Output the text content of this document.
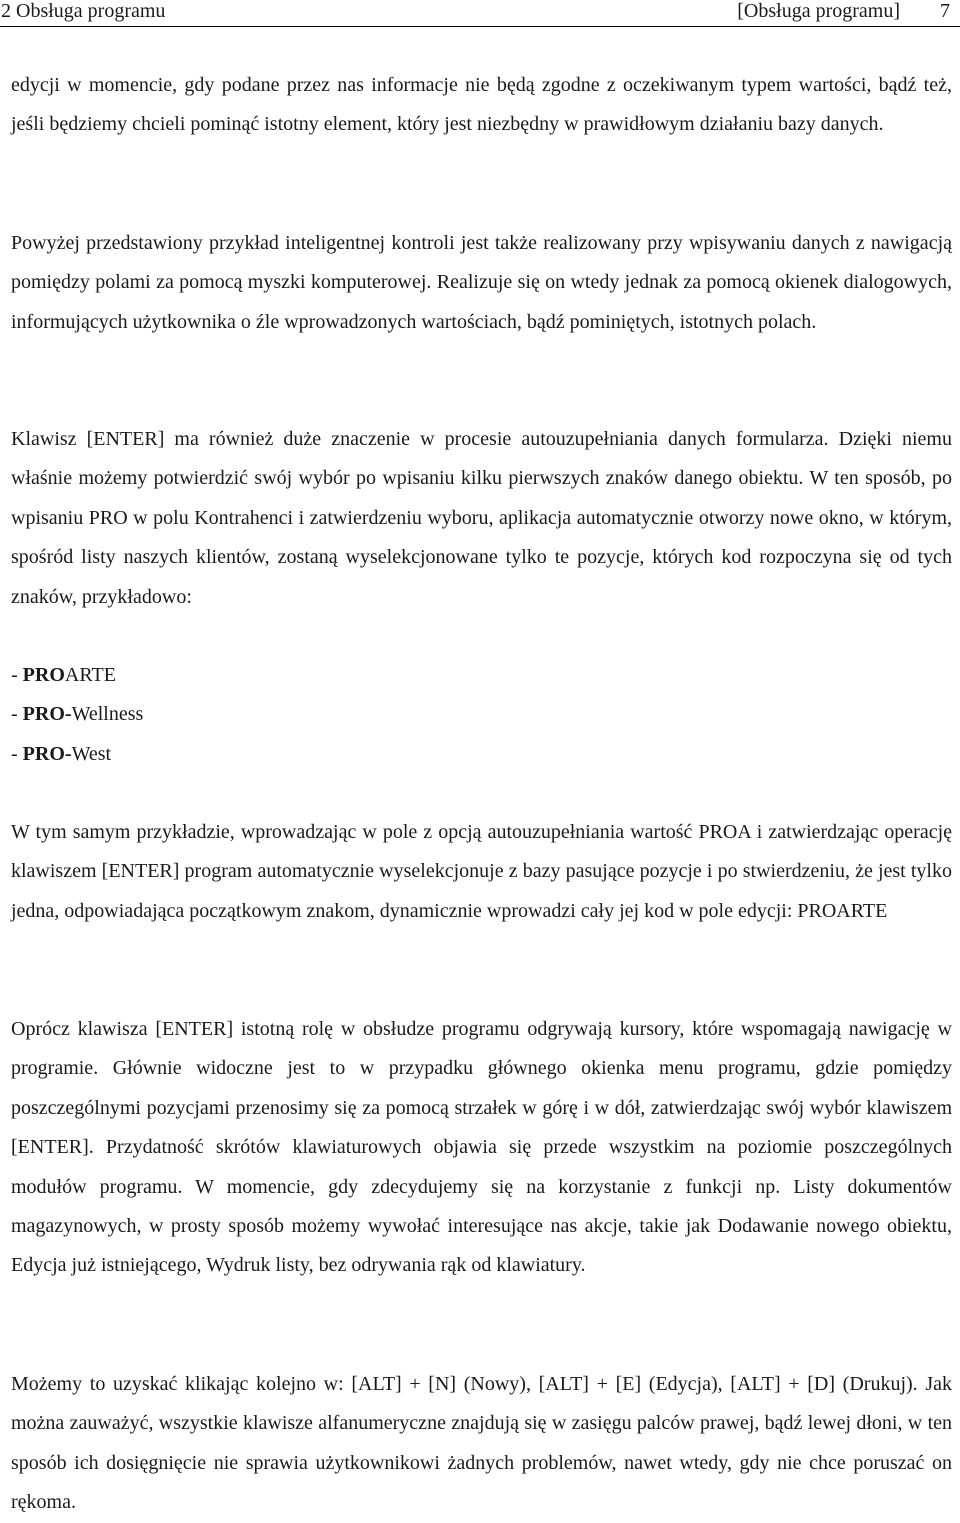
2 Obsługa programu	[Obsługa programu] 7

edycji w momencie, gdy podane przez nas informacje nie będą zgodne z oczekiwanym typem wartości, bądź też, jeśli będziemy chcieli pominąć istotny element, który jest niezbędny w prawidłowym działaniu bazy danych.

Powyżej przedstawiony przykład inteligentnej kontroli jest także realizowany przy wpisywaniu danych z nawigacją pomiędzy polami za pomocą myszki komputerowej. Realizuje się on wtedy jednak za pomocą okienek dialogowych, informujących użytkownika o źle wprowadzonych wartościach, bądź pominiętych, istotnych polach.

Klawisz [ENTER] ma również duże znaczenie w procesie autouzupełniania danych formularza. Dzięki niemu właśnie możemy potwierdzić swój wybór po wpisaniu kilku pierwszych znaków danego obiektu. W ten sposób, po wpisaniu PRO w polu Kontrahenci i zatwierdzeniu wyboru, aplikacja automatycznie otworzy nowe okno, w którym, spośród listy naszych klientów, zostaną wyselekcjonowane tylko te pozycje, których kod rozpoczyna się od tych znaków, przykładowo:

- PROARTE
- PRO-Wellness
- PRO-West

W tym samym przykładzie, wprowadzając w pole z opcją autouzupełniania wartość PROA i zatwierdzając operację klawiszem [ENTER] program automatycznie wyselekcjonuje z bazy pasujące pozycje i po stwierdzeniu, że jest tylko jedna, odpowiadająca początkowym znakom, dynamicznie wprowadzi cały jej kod w pole edycji: PROARTE

Oprócz klawisza [ENTER] istotną rolę w obsłudze programu odgrywają kursory, które wspomagają nawigację w programie. Głównie widoczne jest to w przypadku głównego okienka menu programu, gdzie pomiędzy poszczególnymi pozycjami przenosimy się za pomocą strzałek w górę i w dół, zatwierdzając swój wybór klawiszem [ENTER]. Przydatność skrótów klawiaturowych objawia się przede wszystkim na poziomie poszczególnych modułów programu. W momencie, gdy zdecydujemy się na korzystanie z funkcji np. Listy dokumentów magazynowych, w prosty sposób możemy wywołać interesujące nas akcje, takie jak Dodawanie nowego obiektu, Edycja już istniejącego, Wydruk listy, bez odrywania rąk od klawiatury.

Możemy to uzyskać klikając kolejno w: [ALT] + [N] (Nowy), [ALT] + [E] (Edycja), [ALT] + [D] (Drukuj). Jak można zauważyć, wszystkie klawisze alfanumeryczne znajdują się w zasięgu palców prawej, bądź lewej dłoni, w ten sposób ich dosięgnięcie nie sprawia użytkownikowi żadnych problemów, nawet wtedy, gdy nie chce poruszać on rękoma.
